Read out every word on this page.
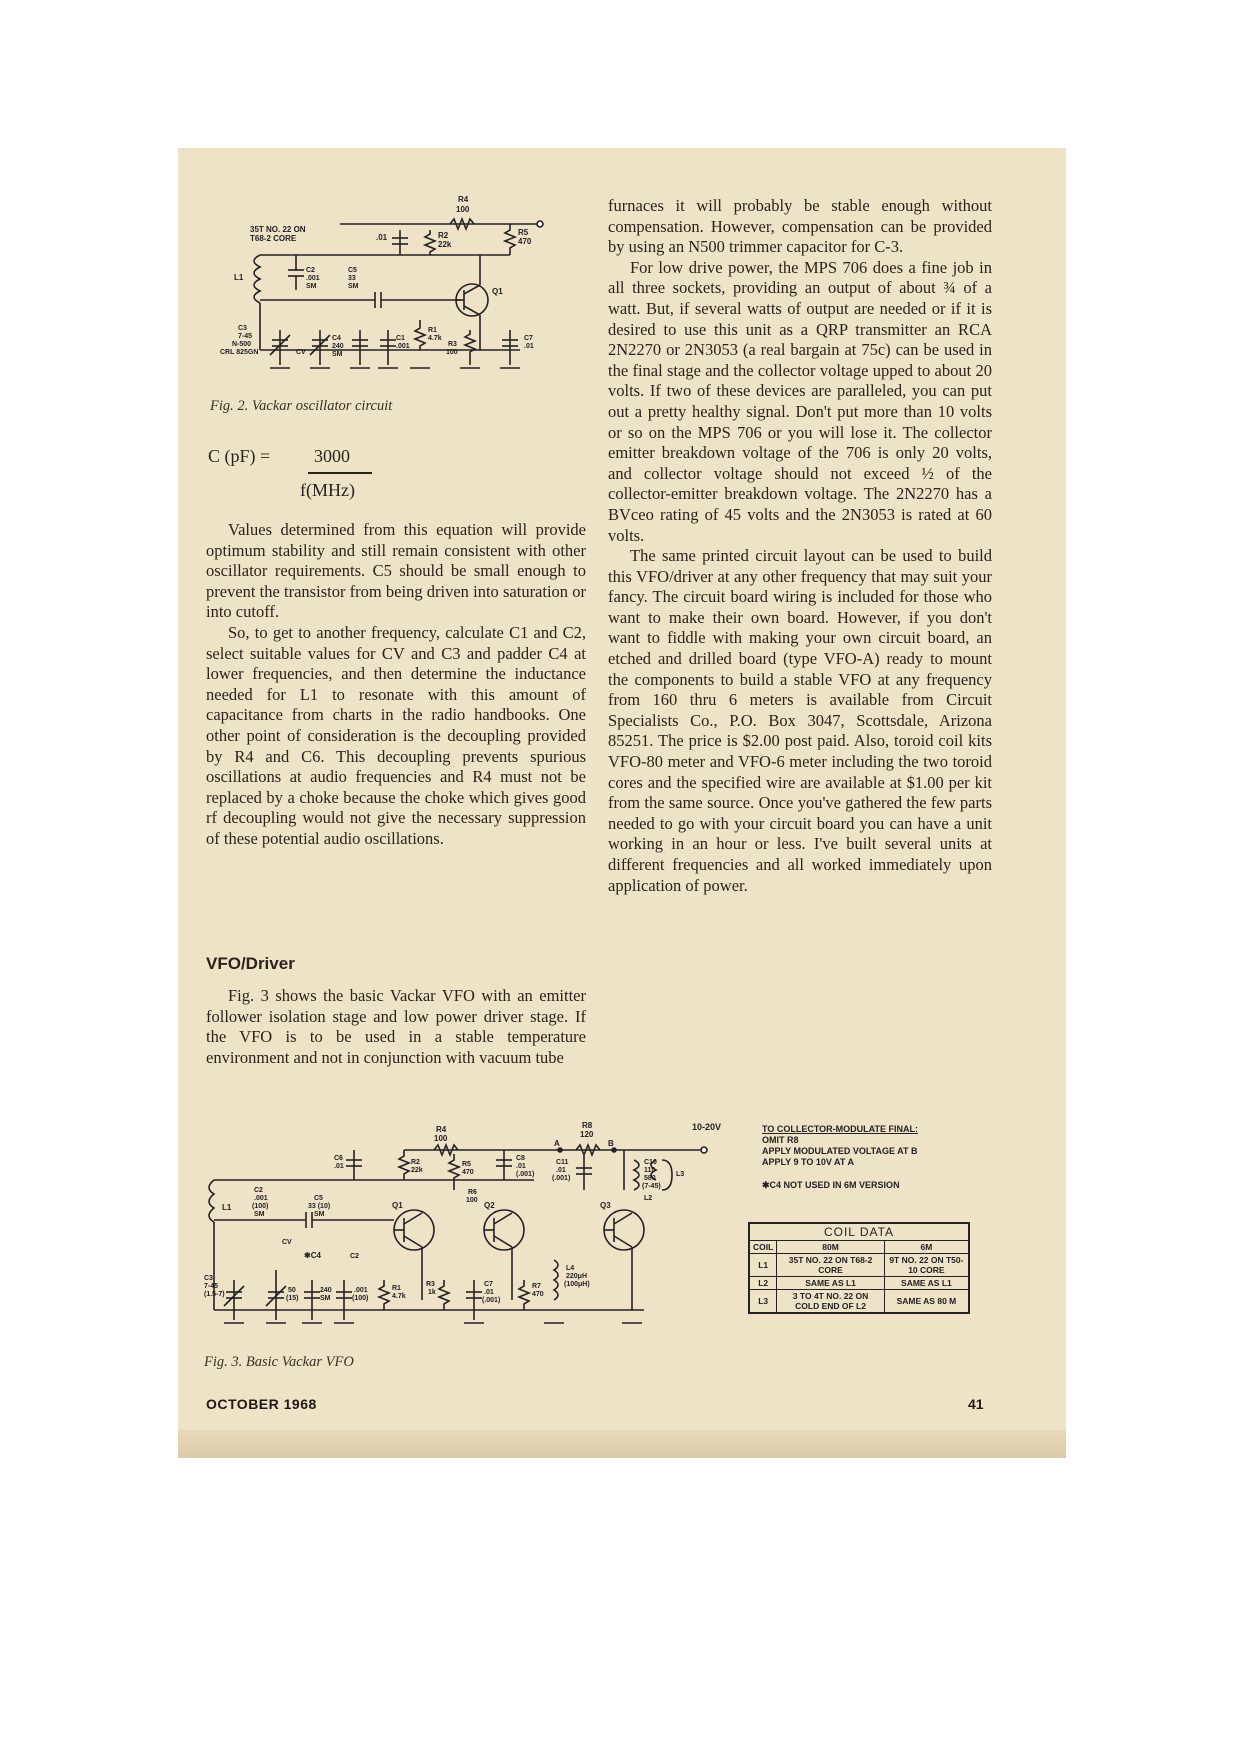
R4
100
35T NO. 22 ON
T68-2 CORE	.01	R2
22k
R5
470
L1
C2
.001
SM
C5
33
SM
Q1
C3
7-45
N-500
CRL 825GN	CV
C4
240
SM
C1
.001
R1
4.7k
R3
100
C7
.01
Fig. 2. Vackar oscillator circuit
C (pF) = 3000
f(MHz)

Values determined from this equation will provide optimum stability and still remain consistent with other oscillator requirements. C5 should be small enough to prevent the transistor from being driven into saturation or into cutoff.

So, to get to another frequency, calculate C1 and C2, select suitable values for CV and C3 and padder C4 at lower frequencies, and then determine the inductance needed for L1 to resonate with this amount of capacitance from charts in the radio handbooks. One other point of consideration is the decoupling provided by R4 and C6. This decoupling prevents spurious oscillations at audio frequencies and R4 must not be replaced by a choke because the choke which gives good rf decoupling would not give the necessary suppression of these potential audio oscillations.

VFO/Driver

Fig. 3 shows the basic Vackar VFO with an emitter follower isolation stage and low power driver stage. If the VFO is to be used in a stable temperature environment and not in conjunction with vacuum tube

furnaces it will probably be stable enough without compensation. However, compensation can be provided by using an N500 trimmer capacitor for C-3.

For low drive power, the MPS 706 does a fine job in all three sockets, providing an output of about ¾ of a watt. But, if several watts of output are needed or if it is desired to use this unit as a QRP transmitter an RCA 2N2270 or 2N3053 (a real bargain at 75c) can be used in the final stage and the collector voltage upped to about 20 volts. If two of these devices are paralleled, you can put out a pretty healthy signal. Don't put more than 10 volts or so on the MPS 706 or you will lose it. The collector emitter breakdown voltage of the 706 is only 20 volts, and collector voltage should not exceed ½ of the collector-emitter breakdown voltage. The 2N2270 has a BVceo rating of 45 volts and the 2N3053 is rated at 60 volts.

The same printed circuit layout can be used to build this VFO/driver at any other frequency that may suit your fancy. The circuit board wiring is included for those who want to make their own board. However, if you don't want to fiddle with making your own circuit board, an etched and drilled board (type VFO-A) ready to mount the components to build a stable VFO at any frequency from 160 thru 6 meters is available from Circuit Specialists Co., P.O. Box 3047, Scottsdale, Arizona 85251. The price is $2.00 post paid. Also, toroid coil kits VFO-80 meter and VFO-6 meter including the two toroid cores and the specified wire are available at $1.00 per kit from the same source. Once you've gathered the few parts needed to go with your circuit board you can have a unit working in an hour or less. I've built several units at different frequencies and all worked immediately upon application of power.

10-20V
R4
100
R8
120
A	B
C6
.01
R2
22k
R5
470
C8
.01
(.001)
C11
.01
(.001)
C10
110-
580
(7-45)
L3
L2
C2
.001
(100)
SM
C5
33 (10)
SM
R6
100
Q1	Q2	Q3
L1
CV
✱C4	C2
C3
7-45
(1.5-7)
50
(15)
240
SM
.001
(100)
R1
4.7k
R3
1k
C7
.01
(.001)
R7
470
L4
220μH
(100μH)
TO COLLECTOR-MODULATE FINAL:
OMIT R8
APPLY MODULATED VOLTAGE AT B
APPLY 9 TO 10V AT A
✱C4 NOT USED IN 6M VERSION
COIL DATA		
COIL	80M	6M
L1	35T NO. 22 ON T68-2 CORE	9T NO. 22 ON T50-10 CORE
L2	SAME AS L1	SAME AS L1
L3	3 TO 4T NO. 22 ON COLD END OF L2	SAME AS 80 M
Fig. 3. Basic Vackar VFO
OCTOBER 1968	41
